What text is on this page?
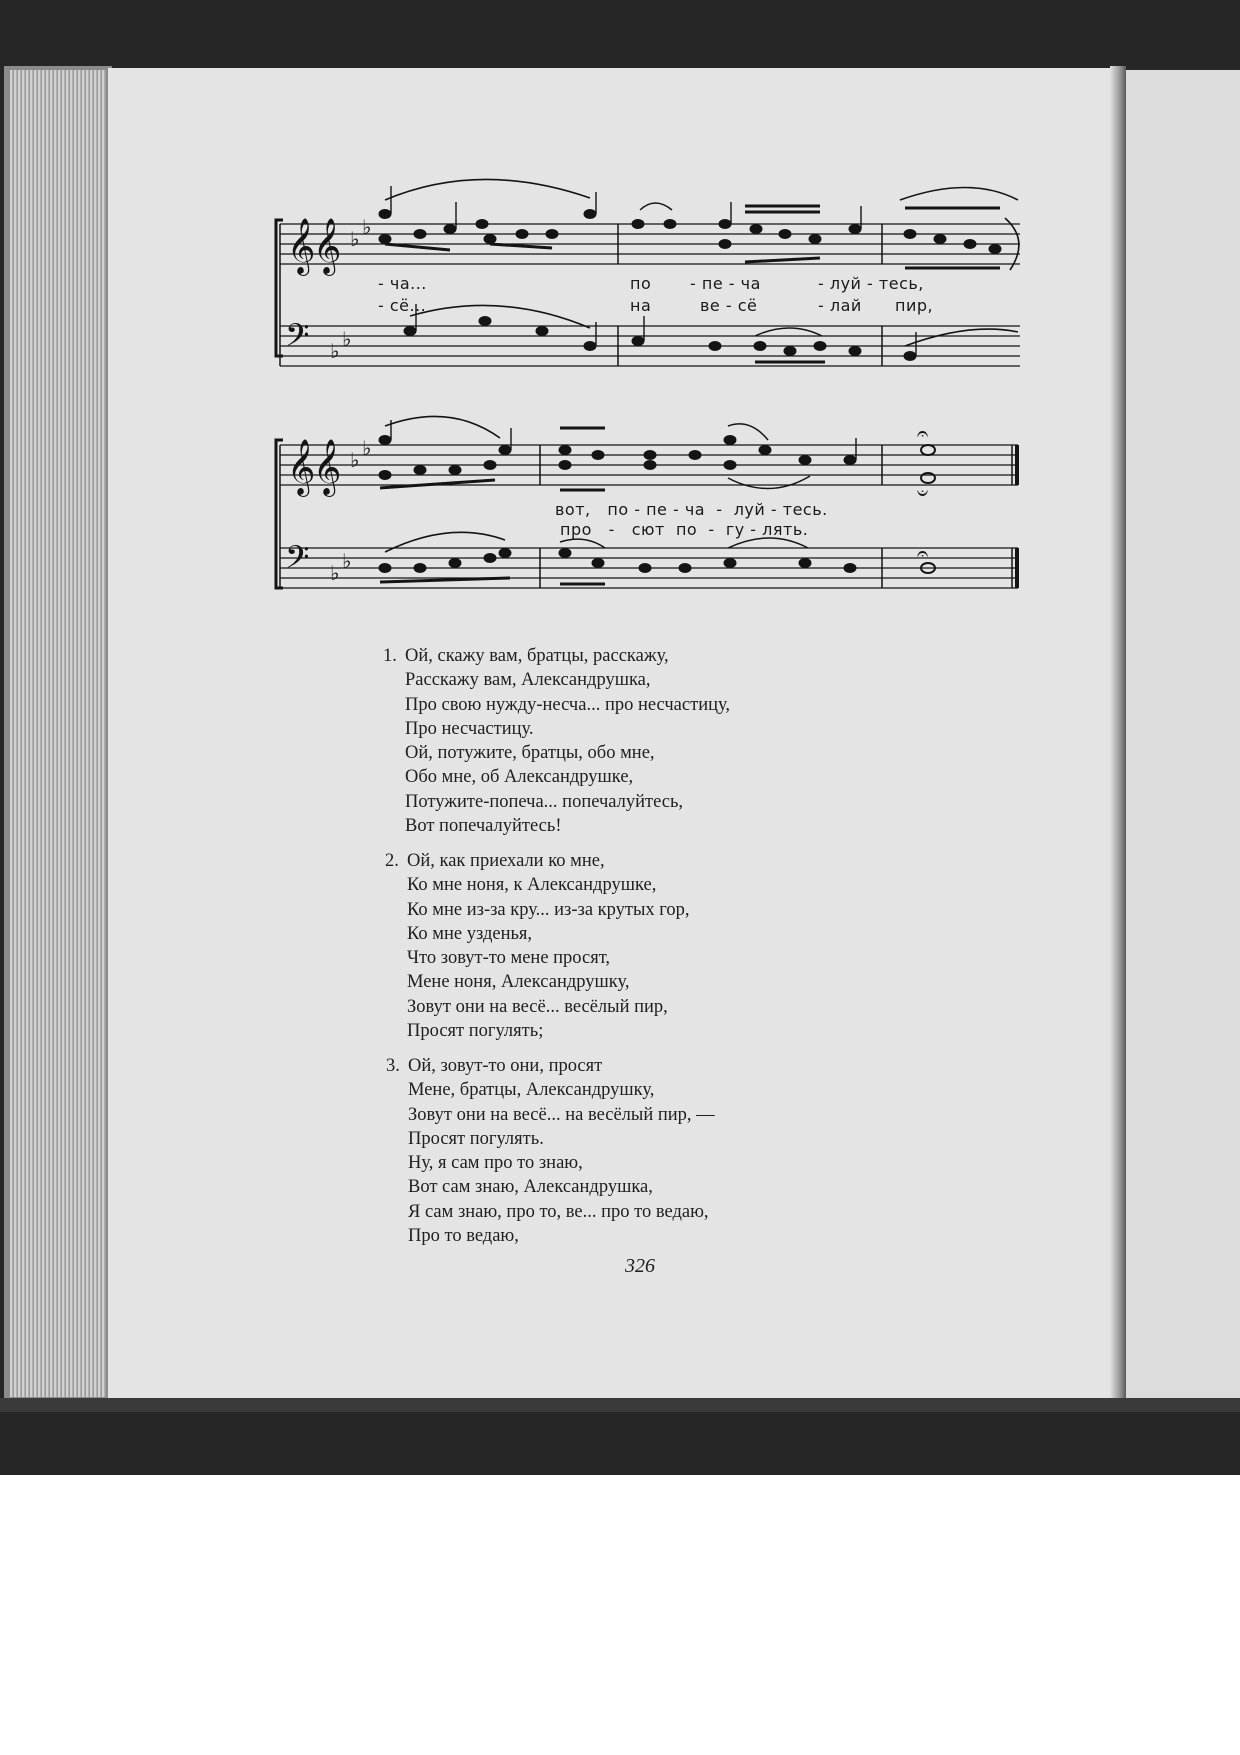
𝄞
𝄞
𝄢
♭ ♭
♭ ♭
𝄞
𝄞
𝄢
♭ ♭
♭ ♭
𝄐
𝄑
𝄐
- ча...	по - пе - ча	- луй - тесь,
- сё...	на	ве - сё	- лай пир,
вот,   по - пе - ча  -  луй - тесь.
про   -   сют  по  -  гу - лять.
1. Ой, скажу вам, братцы, расскажу,
Расскажу вам, Александрушка,
Про свою нужду-несча... про несчастицу,
Про несчастицу.
Ой, потужите, братцы, обо мне,
Обо мне, об Александрушке,
Потужите-попеча... попечалуйтесь,
Вот попечалуйтесь!
2. Ой, как приехали ко мне,
Ко мне ноня, к Александрушке,
Ко мне из-за кру... из-за крутых гор,
Ко мне узденья,
Что зовут-то мене просят,
Мене ноня, Александрушку,
Зовут они на весё... весёлый пир,
Просят погулять;
3. Ой, зовут-то они, просят
Мене, братцы, Александрушку,
Зовут они на весё... на весёлый пир, —
Просят погулять.
Ну, я сам про то знаю,
Вот сам знаю, Александрушка,
Я сам знаю, про то, ве... про то ведаю,
Про то ведаю,
326
